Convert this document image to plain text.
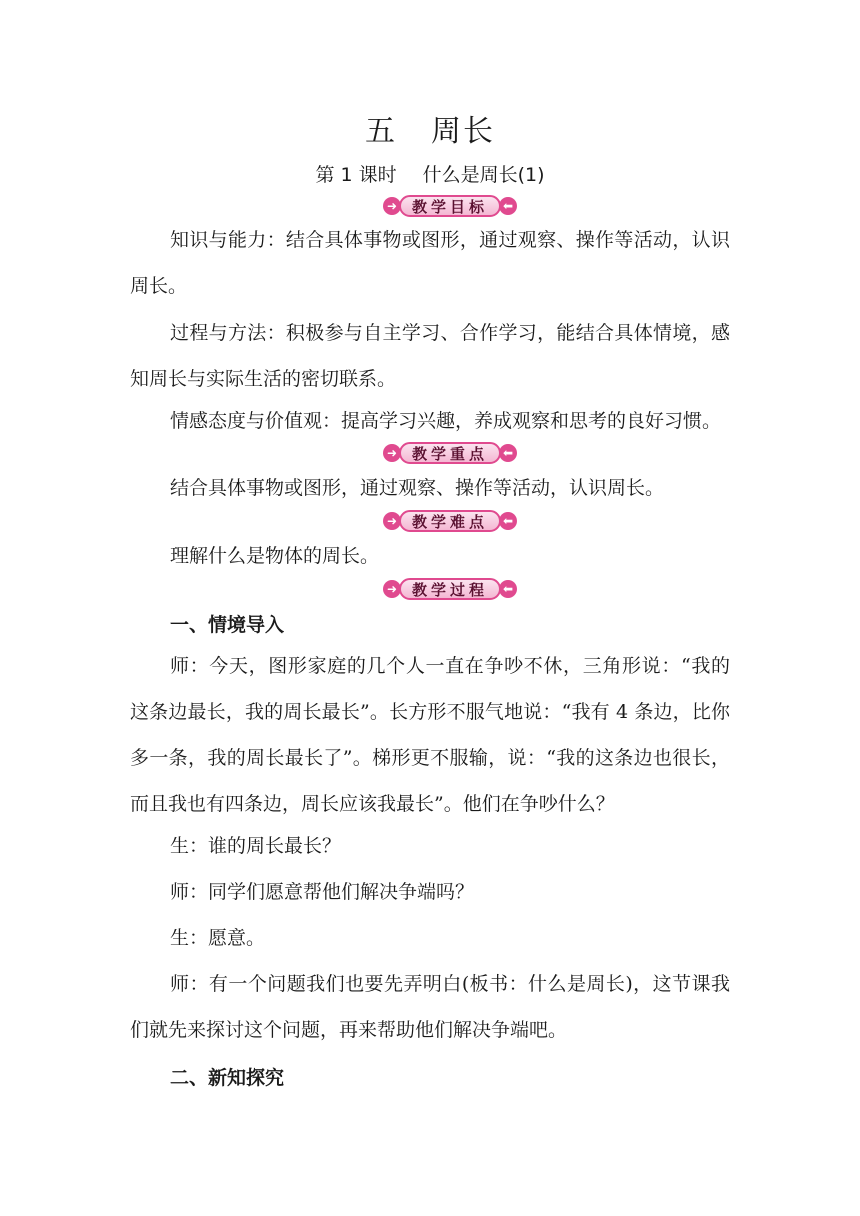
五 周长
第 1 课时 什么是周长(1)
➜ 教学目标	⬅

知识与能力：结合具体事物或图形，通过观察、操作等活动，认识周长。

过程与方法：积极参与自主学习、合作学习，能结合具体情境，感知周长与实际生活的密切联系。

情感态度与价值观：提高学习兴趣，养成观察和思考的良好习惯。

➜ 教学重点	⬅

结合具体事物或图形，通过观察、操作等活动，认识周长。

➜ 教学难点	⬅

理解什么是物体的周长。

➜ 教学过程	⬅
一、情境导入

师：今天，图形家庭的几个人一直在争吵不休，三角形说：“我的这条边最长，我的周长最长”。长方形不服气地说：“我有 4 条边，比你多一条，我的周长最长了”。梯形更不服输，说：“我的这条边也很长，而且我也有四条边，周长应该我最长”。他们在争吵什么？

生：谁的周长最长？

师：同学们愿意帮他们解决争端吗？

生：愿意。

师：有一个问题我们也要先弄明白(板书：什么是周长)，这节课我们就先来探讨这个问题，再来帮助他们解决争端吧。

二、新知探究
